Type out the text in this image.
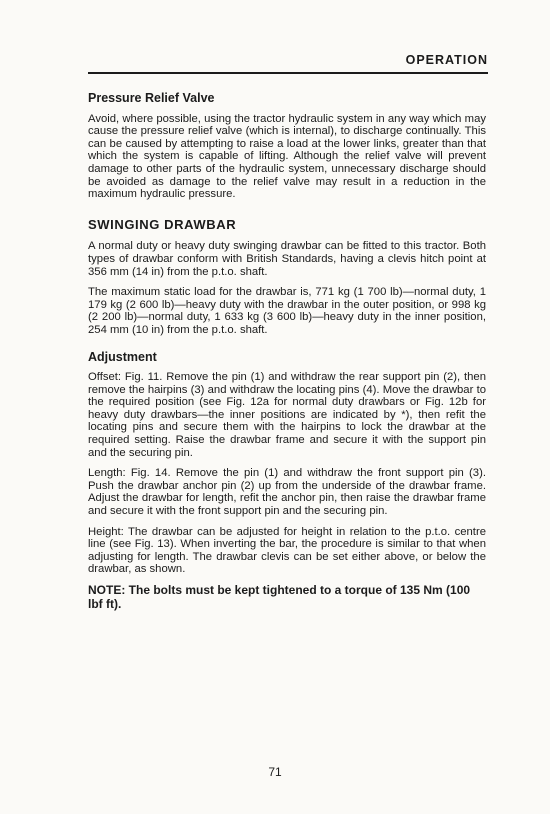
OPERATION
Pressure Relief Valve

Avoid, where possible, using the tractor hydraulic system in any way which may cause the pressure relief valve (which is internal), to discharge continually. This can be caused by attempting to raise a load at the lower links, greater than that which the system is capable of lifting. Although the relief valve will prevent damage to other parts of the hydraulic system, unnecessary discharge should be avoided as damage to the relief valve may result in a reduction in the maximum hydraulic pressure.

SWINGING DRAWBAR

A normal duty or heavy duty swinging drawbar can be fitted to this tractor. Both types of drawbar conform with British Standards, having a clevis hitch point at 356 mm (14 in) from the p.t.o. shaft.

The maximum static load for the drawbar is, 771 kg (1 700 lb)—normal duty, 1 179 kg (2 600 lb)—heavy duty with the drawbar in the outer position, or 998 kg (2 200 lb)—normal duty, 1 633 kg (3 600 lb)—heavy duty in the inner position, 254 mm (10 in) from the p.t.o. shaft.

Adjustment

Offset: Fig. 11. Remove the pin (1) and withdraw the rear support pin (2), then remove the hairpins (3) and withdraw the locating pins (4). Move the drawbar to the required position (see Fig. 12a for normal duty drawbars or Fig. 12b for heavy duty drawbars—the inner positions are indicated by *), then refit the locating pins and secure them with the hairpins to lock the drawbar at the required setting. Raise the drawbar frame and secure it with the support pin and the securing pin.

Length: Fig. 14. Remove the pin (1) and withdraw the front support pin (3). Push the drawbar anchor pin (2) up from the underside of the drawbar frame. Adjust the drawbar for length, refit the anchor pin, then raise the drawbar frame and secure it with the front support pin and the securing pin.

Height: The drawbar can be adjusted for height in relation to the p.t.o. centre line (see Fig. 13). When inverting the bar, the procedure is similar to that when adjusting for length. The drawbar clevis can be set either above, or below the drawbar, as shown.

NOTE: The bolts must be kept tightened to a torque of 135 Nm (100 lbf ft).

71
